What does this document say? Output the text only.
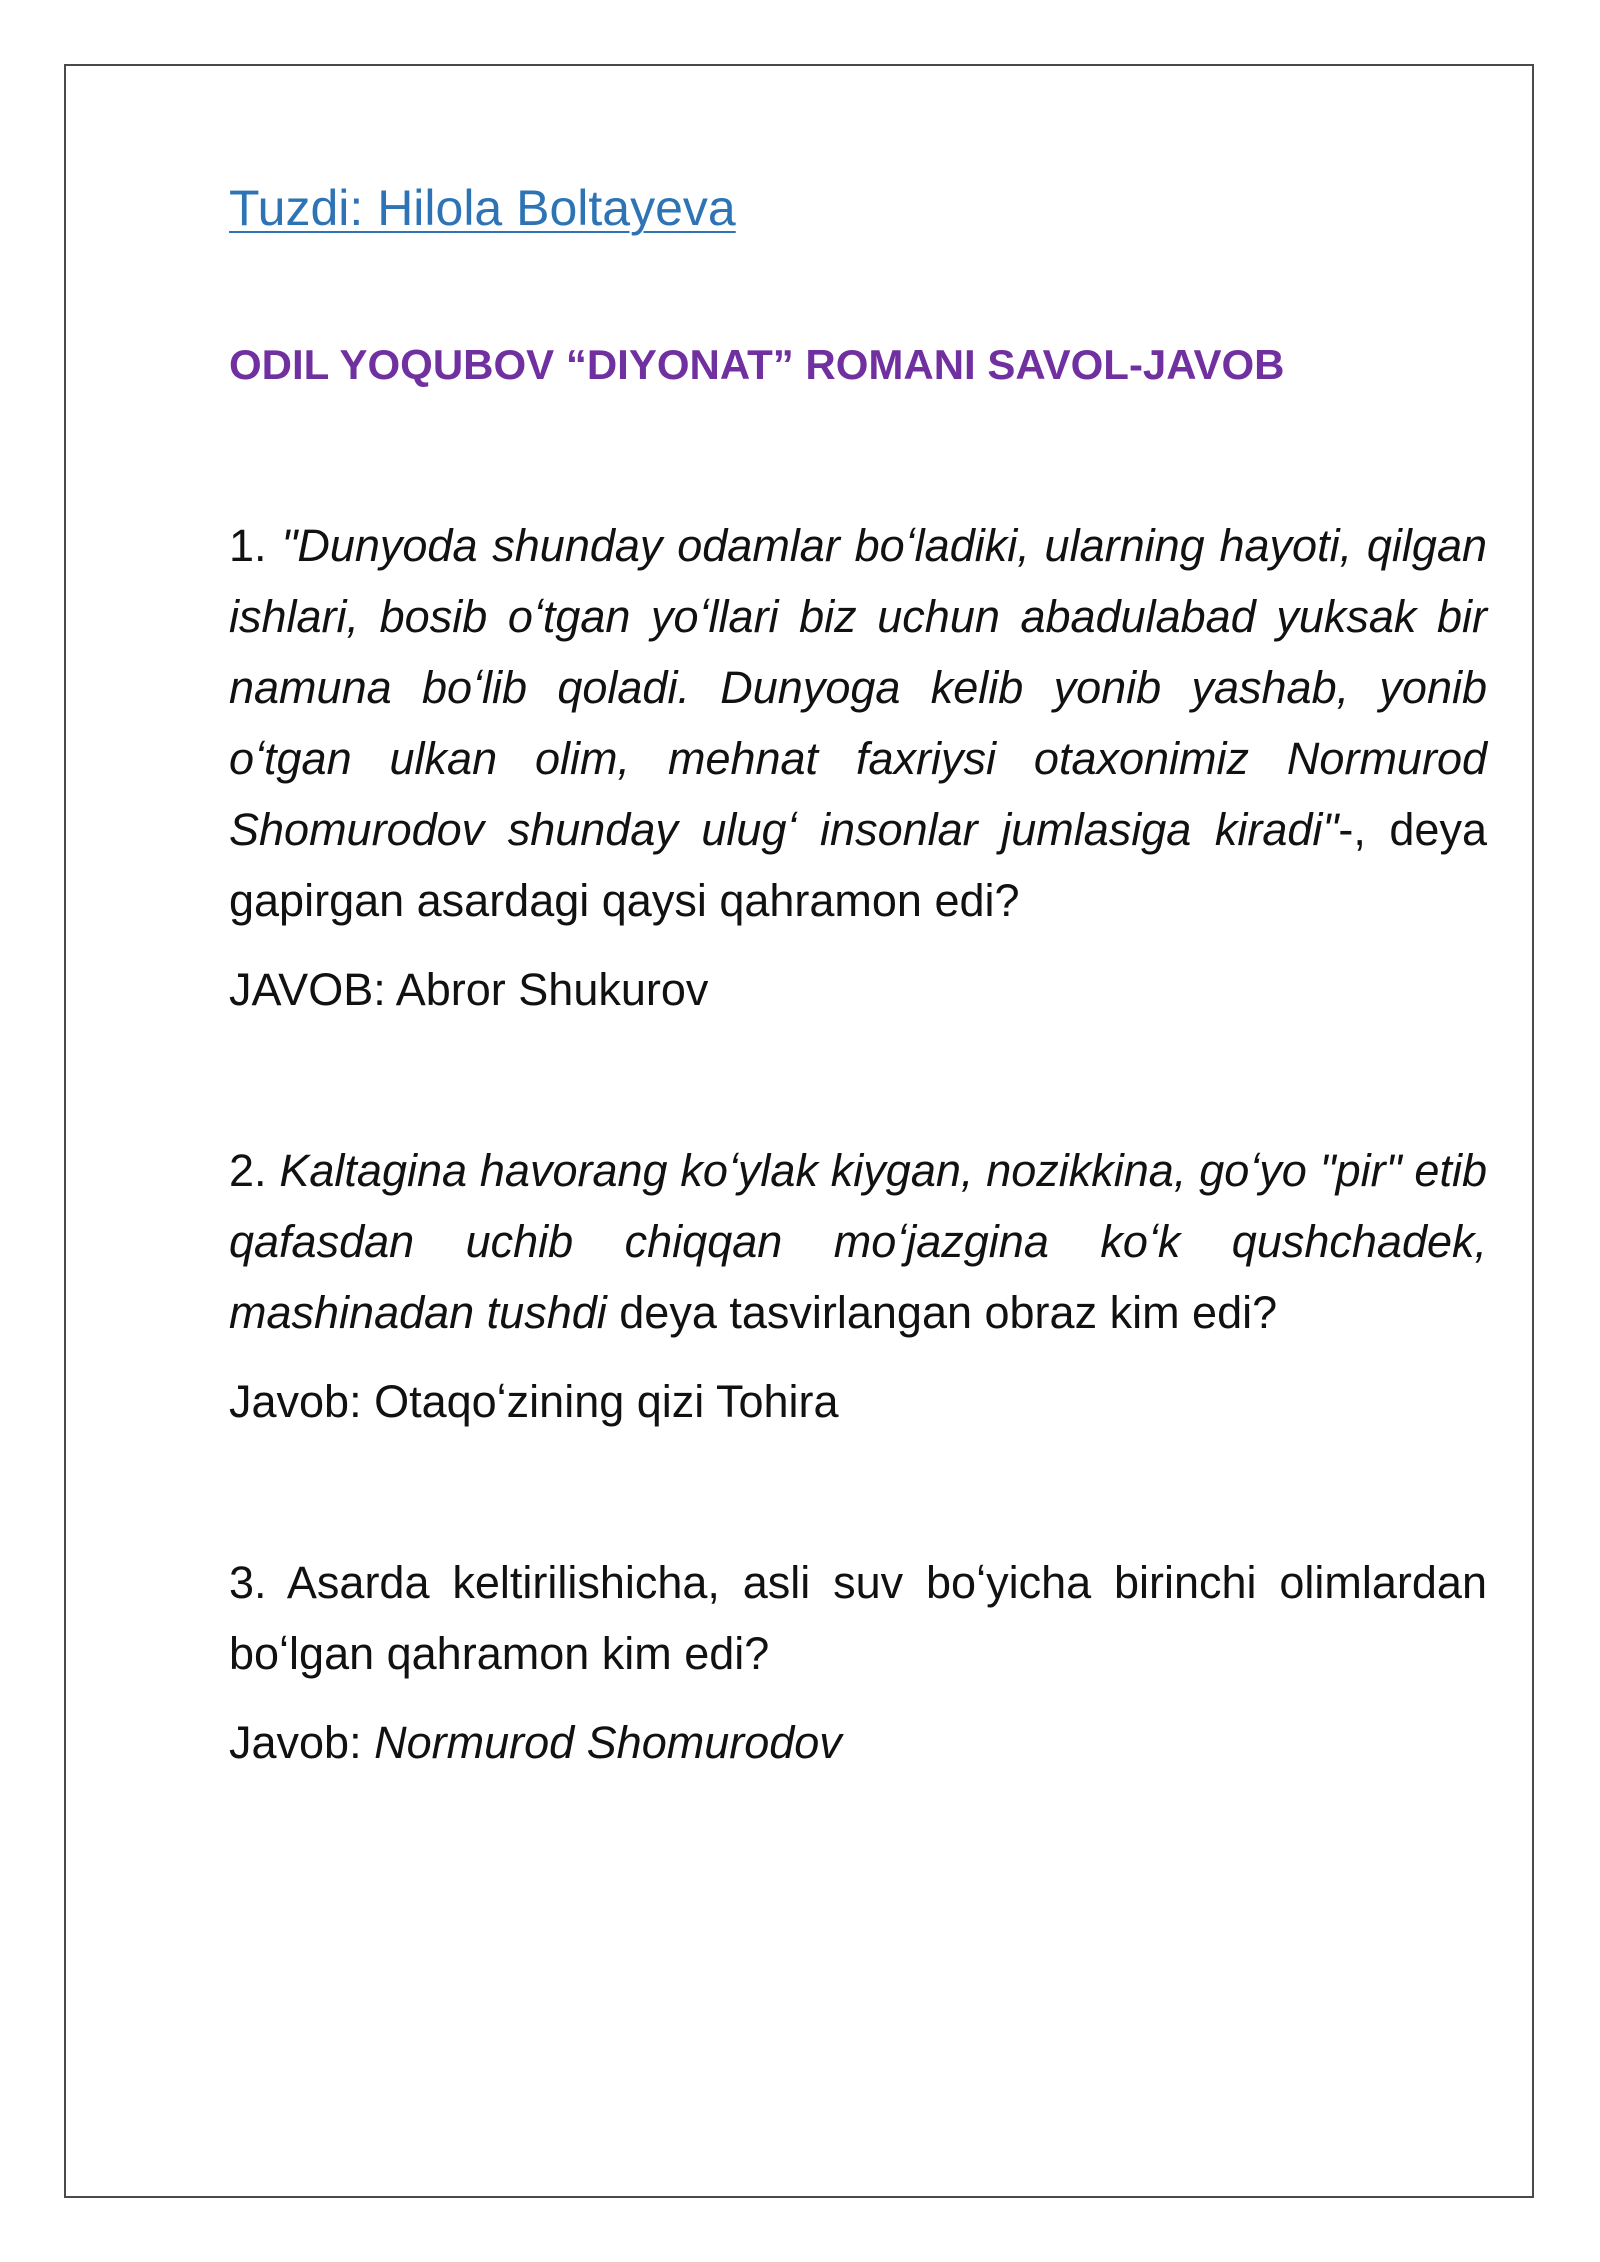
Tuzdi: Hilola Boltayeva
ODIL YOQUBOV “DIYONAT” ROMANI SAVOL-JAVOB

1. "Dunyoda shunday odamlar boʻladiki, ularning hayoti, qilgan ishlari, bosib oʻtgan yoʻllari biz uchun abadulabad yuksak bir namuna boʻlib qoladi. Dunyoga kelib yonib yashab, yonib oʻtgan ulkan olim, mehnat faxriysi otaxonimiz Normurod Shomurodov shunday ulugʻ insonlar jumlasiga kiradi"-, deya gapirgan asardagi qaysi qahramon edi?

JAVOB: Abror Shukurov

2. Kaltagina havorang koʻylak kiygan, nozikkina, goʻyo "pir" etib qafasdan uchib chiqqan moʻjazgina koʻk qushchadek, mashinadan tushdi deya tasvirlangan obraz kim edi?

Javob: Otaqoʻzining qizi Tohira

3. Asarda keltirilishicha, asli suv boʻyicha birinchi olimlardan boʻlgan qahramon kim edi?

Javob: Normurod Shomurodov
